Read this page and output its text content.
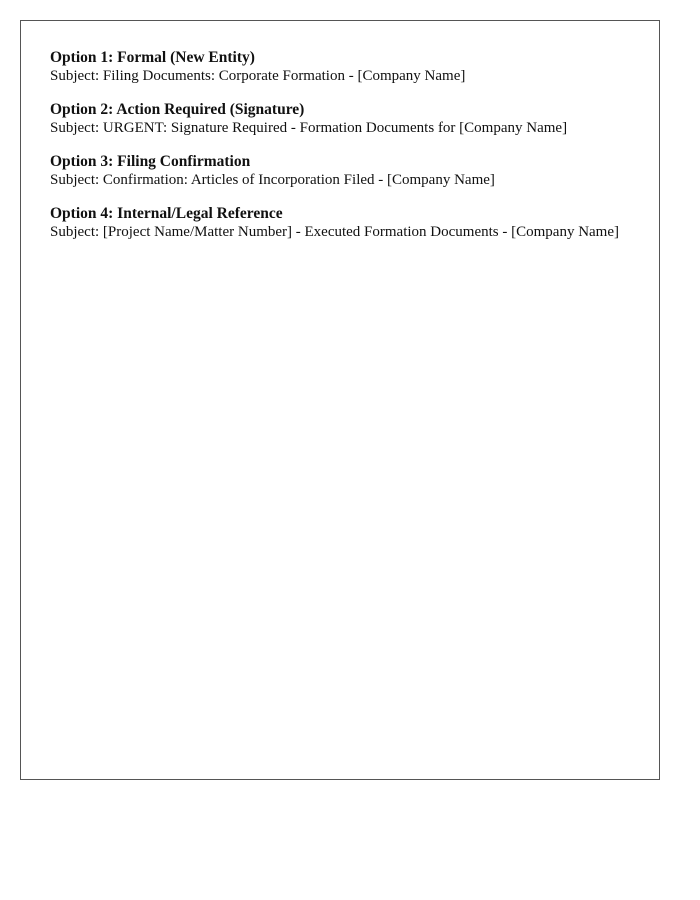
Option 1: Formal (New Entity)
Subject: Filing Documents: Corporate Formation - [Company Name]
Option 2: Action Required (Signature)
Subject: URGENT: Signature Required - Formation Documents for [Company Name]
Option 3: Filing Confirmation
Subject: Confirmation: Articles of Incorporation Filed - [Company Name]
Option 4: Internal/Legal Reference
Subject: [Project Name/Matter Number] - Executed Formation Documents - [Company Name]
